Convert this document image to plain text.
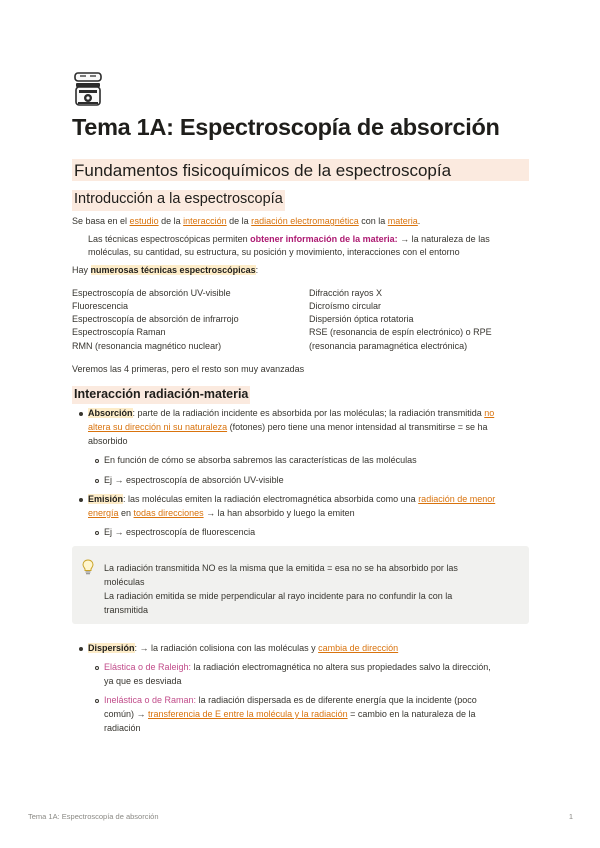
Tema 1A: Espectroscopía de absorción
Fundamentos fisicoquímicos de la espectroscopía
Introducción a la espectroscopía
Se basa en el estudio de la interacción de la radiación electromagnética con la materia.
Las técnicas espectroscópicas permiten obtener información de la materia: → la naturaleza de las
moléculas, su cantidad, su estructura, su posición y movimiento, interacciones con el entorno
Hay numerosas técnicas espectroscópicas:
Espectroscopía de absorción UV-visible
Fluorescencia
Espectroscopía de absorción de infrarrojo
Espectroscopía Raman
RMN (resonancia magnético nuclear)
Difracción rayos X
Dicroísmo circular
Dispersión óptica rotatoria
RSE (resonancia de espín electrónico) o RPE
(resonancia paramagnética electrónica)
Veremos las 4 primeras, pero el resto son muy avanzadas
Interacción radiación-materia
Absorción: parte de la radiación incidente es absorbida por las moléculas; la radiación transmitida no
altera su dirección ni su naturaleza (fotones) pero tiene una menor intensidad al transmitirse = se ha
absorbido
En función de cómo se absorba sabremos las características de las moléculas
Ej → espectroscopía de absorción UV-visible
Emisión: las moléculas emiten la radiación electromagnética absorbida como una radiación de menor
energía en todas direcciones → la han absorbido y luego la emiten
Ej → espectroscopía de fluorescencia
La radiación transmitida NO es la misma que la emitida = esa no se ha absorbido por las
moléculas
La radiación emitida se mide perpendicular al rayo incidente para no confundir la con la
transmitida
Dispersión: → la radiación colisiona con las moléculas y cambia de dirección
Elástica o de Raleigh: la radiación electromagnética no altera sus propiedades salvo la dirección,
ya que es desviada
Inelástica o de Raman: la radiación dispersada es de diferente energía que la incidente (poco
común) → transferencia de E entre la molécula y la radiación = cambio en la naturaleza de la
radiación
Tema 1A: Espectroscopía de absorción	1
